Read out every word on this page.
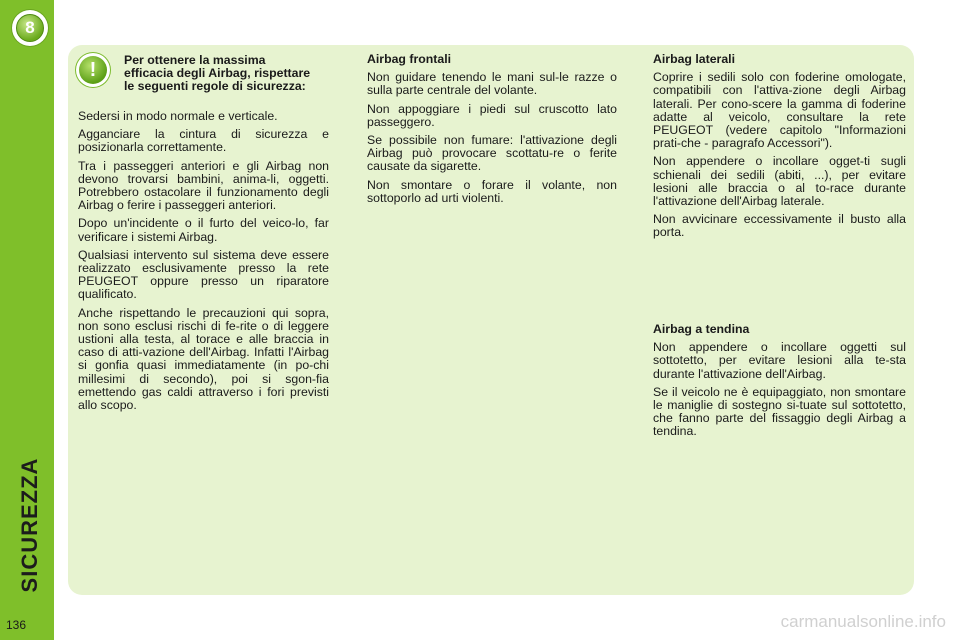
8
SICUREZZA
136
!	Per ottenere la massima efficacia degli Airbag, rispettare le seguenti regole di sicurezza:

Sedersi in modo normale e verticale.

Agganciare la cintura di sicurezza e posizionarla correttamente.

Tra i passeggeri anteriori e gli Airbag non devono trovarsi bambini, anima-li, oggetti. Potrebbero ostacolare il funzionamento degli Airbag o ferire i passeggeri anteriori.

Dopo un'incidente o il furto del veico-lo, far verificare i sistemi Airbag.

Qualsiasi intervento sul sistema deve essere realizzato esclusivamente presso la rete PEUGEOT oppure presso un riparatore qualificato.

Anche rispettando le precauzioni qui sopra, non sono esclusi rischi di fe-rite o di leggere ustioni alla testa, al torace e alle braccia in caso di atti-vazione dell'Airbag. Infatti l'Airbag si gonfia quasi immediatamente (in po-chi millesimi di secondo), poi si sgon-fia emettendo gas caldi attraverso i fori previsti allo scopo.

Airbag frontali

Non guidare tenendo le mani sul-le razze o sulla parte centrale del volante.

Non appoggiare i piedi sul cruscotto lato passeggero.

Se possibile non fumare: l'attivazione degli Airbag può provocare scottatu-re o ferite causate da sigarette.

Non smontare o forare il volante, non sottoporlo ad urti violenti.

Airbag laterali

Coprire i sedili solo con foderine omologate, compatibili con l'attiva-zione degli Airbag laterali. Per cono-scere la gamma di foderine adatte al veicolo, consultare la rete PEUGEOT (vedere capitolo "Informazioni prati-che - paragrafo Accessori").

Non appendere o incollare ogget-ti sugli schienali dei sedili (abiti, ...), per evitare lesioni alle braccia o al to-race durante l'attivazione dell'Airbag laterale.

Non avvicinare eccessivamente il busto alla porta.

Airbag a tendina

Non appendere o incollare oggetti sul sottotetto, per evitare lesioni alla te-sta durante l'attivazione dell'Airbag.

Se il veicolo ne è equipaggiato, non smontare le maniglie di sostegno si-tuate sul sottotetto, che fanno parte del fissaggio degli Airbag a tendina.

carmanualsonline.info
